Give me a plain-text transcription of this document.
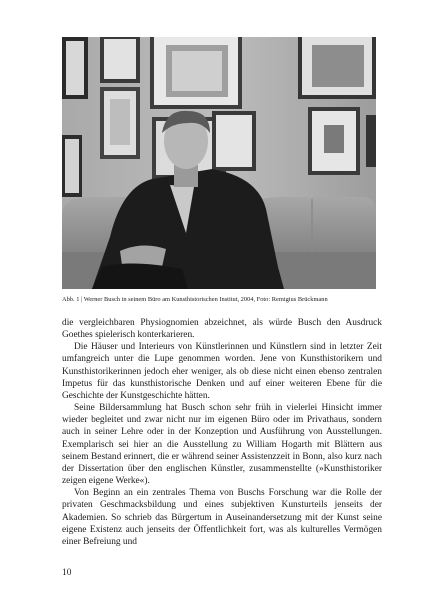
Abb. 1 | Werner Busch in seinem Büro am Kunsthistorischen Institut, 2004, Foto: Remigius Brückmann

die vergleichbaren Physiognomien abzeichnet, als würde Busch den Ausdruck Goethes spielerisch konterkarieren.

Die Häuser und Interieurs von Künstlerinnen und Künstlern sind in letzter Zeit umfangreich unter die Lupe genommen worden. Jene von Kunsthistorikern und Kunsthistorikerinnen jedoch eher weniger, als ob diese nicht einen ebenso zentralen Impetus für das kunsthistorische Denken und auf einer weiteren Ebene für die Geschichte der Kunstgeschichte hätten.

Seine Bildersammlung hat Busch schon sehr früh in vielerlei Hinsicht immer wieder begleitet und zwar nicht nur im eigenen Büro oder im Privathaus, sondern auch in seiner Lehre oder in der Konzeption und Ausführung von Ausstellungen. Exemplarisch sei hier an die Ausstellung zu William Hogarth mit Blättern aus seinem Bestand erinnert, die er während seiner Assistenzzeit in Bonn, also kurz nach der Dissertation über den englischen Künstler, zusammenstellte (»Kunsthistoriker zeigen eigene Werke«).

Von Beginn an ein zentrales Thema von Buschs Forschung war die Rolle der privaten Geschmacksbildung und eines subjektiven Kunsturteils jenseits der Akademien. So schrieb das Bürgertum in Auseinandersetzung mit der Kunst seine eigene Existenz auch jenseits der Öffentlichkeit fort, was als kulturelles Vermögen einer Befreiung und

10
